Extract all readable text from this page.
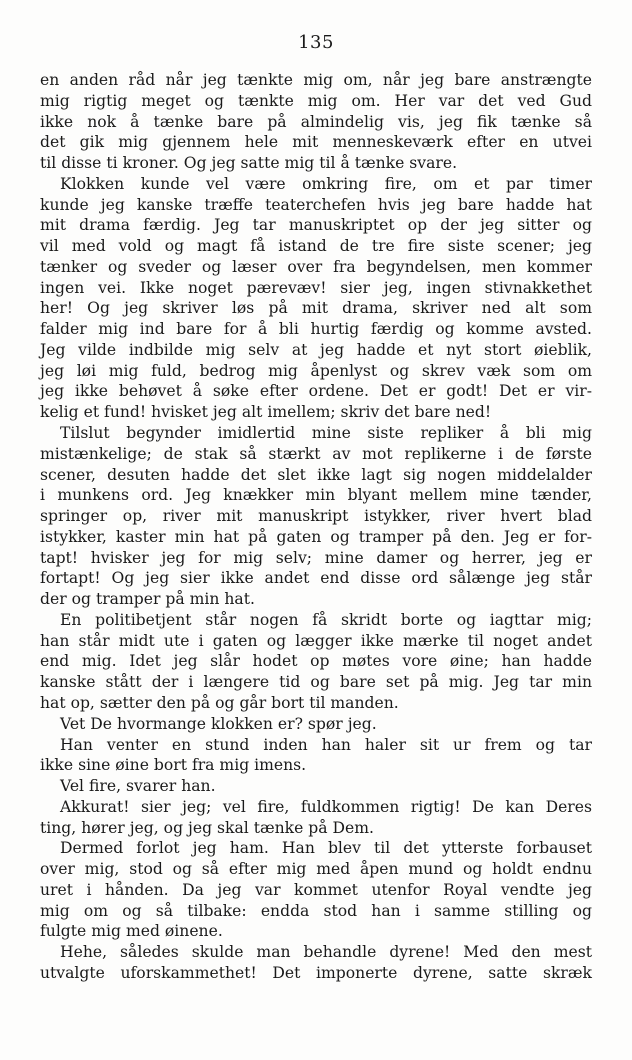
135
en anden råd når jeg tænkte mig om, når jeg bare anstrængte
mig rigtig meget og tænkte mig om. Her var det ved Gud
ikke nok å tænke bare på almindelig vis, jeg fik tænke så
det gik mig gjennem hele mit menneskeværk efter en utvei
til disse ti kroner. Og jeg satte mig til å tænke svare.
Klokken kunde vel være omkring fire, om et par timer
kunde jeg kanske træffe teaterchefen hvis jeg bare hadde hat
mit drama færdig. Jeg tar manuskriptet op der jeg sitter og
vil med vold og magt få istand de tre fire siste scener; jeg
tænker og sveder og læser over fra begyndelsen, men kommer
ingen vei. Ikke noget pærevæv! sier jeg, ingen stivnakkethet
her! Og jeg skriver løs på mit drama, skriver ned alt som
falder mig ind bare for å bli hurtig færdig og komme avsted.
Jeg vilde indbilde mig selv at jeg hadde et nyt stort øieblik,
jeg løi mig fuld, bedrog mig åpenlyst og skrev væk som om
jeg ikke behøvet å søke efter ordene. Det er godt! Det er vir-
kelig et fund! hvisket jeg alt imellem; skriv det bare ned!
Tilslut begynder imidlertid mine siste repliker å bli mig
mistænkelige; de stak så stærkt av mot replikerne i de første
scener, desuten hadde det slet ikke lagt sig nogen middelalder
i munkens ord. Jeg knækker min blyant mellem mine tænder,
springer op, river mit manuskript istykker, river hvert blad
istykker, kaster min hat på gaten og tramper på den. Jeg er for-
tapt! hvisker jeg for mig selv; mine damer og herrer, jeg er
fortapt! Og jeg sier ikke andet end disse ord sålænge jeg står
der og tramper på min hat.
En politibetjent står nogen få skridt borte og iagttar mig;
han står midt ute i gaten og lægger ikke mærke til noget andet
end mig. Idet jeg slår hodet op møtes vore øine; han hadde
kanske stått der i længere tid og bare set på mig. Jeg tar min
hat op, sætter den på og går bort til manden.
Vet De hvormange klokken er? spør jeg.
Han venter en stund inden han haler sit ur frem og tar
ikke sine øine bort fra mig imens.
Vel fire, svarer han.
Akkurat! sier jeg; vel fire, fuldkommen rigtig! De kan Deres
ting, hører jeg, og jeg skal tænke på Dem.
Dermed forlot jeg ham. Han blev til det ytterste forbauset
over mig, stod og så efter mig med åpen mund og holdt endnu
uret i hånden. Da jeg var kommet utenfor Royal vendte jeg
mig om og så tilbake: endda stod han i samme stilling og
fulgte mig med øinene.
Hehe, således skulde man behandle dyrene! Med den mest
utvalgte uforskammethet! Det imponerte dyrene, satte skræk
